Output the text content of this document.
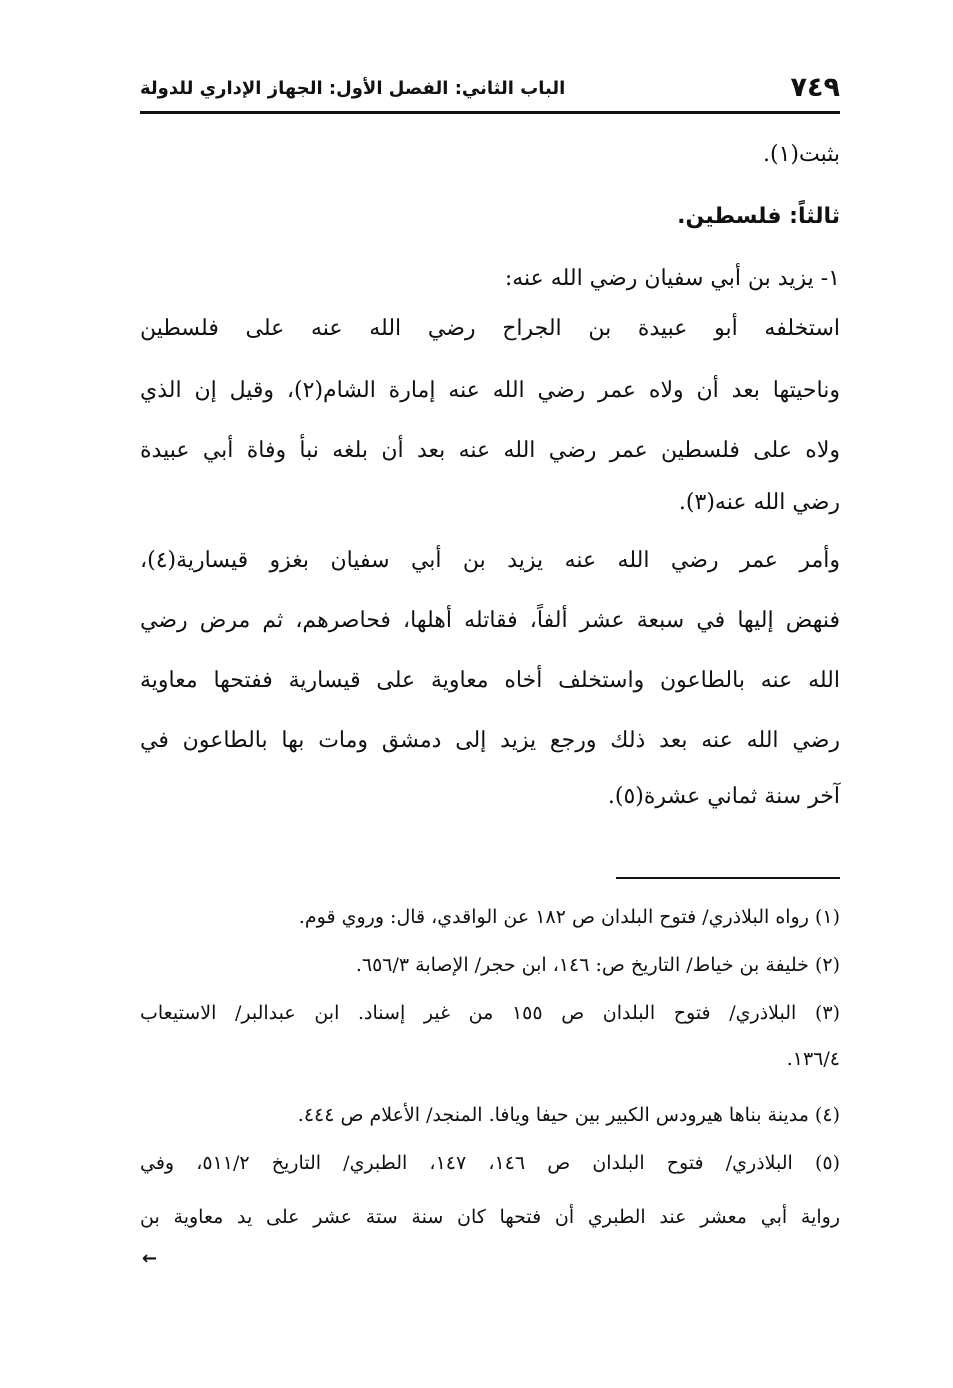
٧٤٩
الباب الثاني: الفصل الأول: الجهاز الإداري للدولة
بثبت(١).
ثالثاً: فلسطين.
١- يزيد بن أبي سفيان رضي الله عنه:
استخلفه أبو عبيدة بن الجراح رضي الله عنه على فلسطين
وناحيتها بعد أن ولاه عمر رضي الله عنه إمارة الشام(٢)، وقيل إن الذي
ولاه على فلسطين عمر رضي الله عنه بعد أن بلغه نبأ وفاة أبي عبيدة
رضي الله عنه(٣).
وأمر عمر رضي الله عنه يزيد بن أبي سفيان بغزو قيسارية(٤)،
فنهض إليها في سبعة عشر ألفاً، فقاتله أهلها، فحاصرهم، ثم مرض رضي
الله عنه بالطاعون واستخلف أخاه معاوية على قيسارية ففتحها معاوية
رضي الله عنه بعد ذلك ورجع يزيد إلى دمشق ومات بها بالطاعون في
آخر سنة ثماني عشرة(٥).
(١) رواه البلاذري/ فتوح البلدان ص ١٨٢ عن الواقدي، قال: وروي قوم.
(٢) خليفة بن خياط/ التاريخ ص: ١٤٦، ابن حجر/ الإصابة ٦٥٦/٣.
(٣) البلاذري/ فتوح البلدان ص ١٥٥ من غير إسناد. ابن عبدالبر/ الاستيعاب
١٣٦/٤.
(٤) مدينة بناها هيرودس الكبير بين حيفا ويافا. المنجد/ الأعلام ص ٤٤٤.
(٥) البلاذري/ فتوح البلدان ص ١٤٦، ١٤٧، الطبري/ التاريخ ٥١١/٢، وفي
رواية أبي معشر عند الطبري أن فتحها كان سنة ستة عشر على يد معاوية بن
←
